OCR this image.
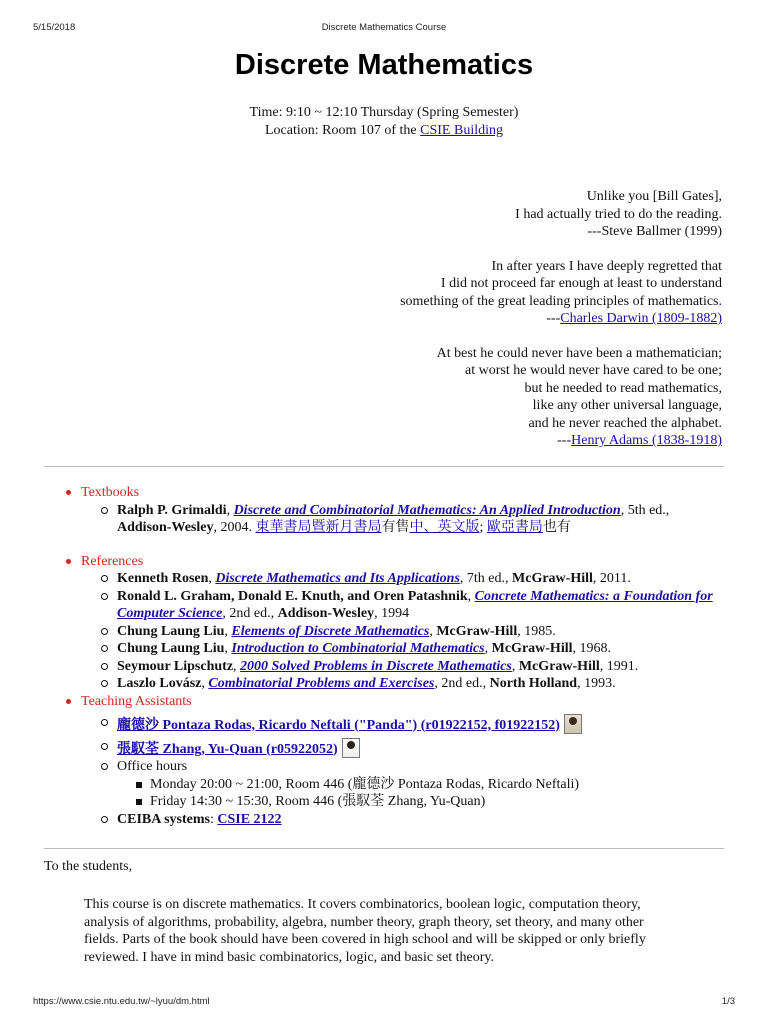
5/15/2018	Discrete Mathematics Course
Discrete Mathematics
Time: 9:10 ~ 12:10 Thursday (Spring Semester)
Location: Room 107 of the CSIE Building
Unlike you [Bill Gates],
I had actually tried to do the reading.
---Steve Ballmer (1999)
In after years I have deeply regretted that
I did not proceed far enough at least to understand
something of the great leading principles of mathematics.
---Charles Darwin (1809-1882)
At best he could never have been a mathematician;
at worst he would never have cared to be one;
but he needed to read mathematics,
like any other universal language,
and he never reached the alphabet.
---Henry Adams (1838-1918)
Textbooks
Ralph P. Grimaldi, Discrete and Combinatorial Mathematics: An Applied Introduction, 5th ed.,
Addison-Wesley, 2004. 東華書局暨新月書局有售中、英文版; 歐亞書局也有
References
Kenneth Rosen, Discrete Mathematics and Its Applications, 7th ed., McGraw-Hill, 2011.
Ronald L. Graham, Donald E. Knuth, and Oren Patashnik, Concrete Mathematics: a Foundation for Computer Science, 2nd ed., Addison-Wesley, 1994
Chung Laung Liu, Elements of Discrete Mathematics, McGraw-Hill, 1985.
Chung Laung Liu, Introduction to Combinatorial Mathematics, McGraw-Hill, 1968.
Seymour Lipschutz, 2000 Solved Problems in Discrete Mathematics, McGraw-Hill, 1991.
Laszlo Lovász, Combinatorial Problems and Exercises, 2nd ed., North Holland, 1993.
Teaching Assistants
龐德沙 Pontaza Rodas, Ricardo Neftali ("Panda") (r01922152, f01922152)
張馭荃 Zhang, Yu-Quan (r05922052)
Office hours
Monday 20:00 ~ 21:00, Room 446 (龐德沙 Pontaza Rodas, Ricardo Neftali)
Friday 14:30 ~ 15:30, Room 446 (張馭荃 Zhang, Yu-Quan)
CEIBA systems: CSIE 2122
To the students,
This course is on discrete mathematics. It covers combinatorics, boolean logic, computation theory,
analysis of algorithms, probability, algebra, number theory, graph theory, set theory, and many other
fields. Parts of the book should have been covered in high school and will be skipped or only briefly
reviewed. I have in mind basic combinatorics, logic, and basic set theory.
https://www.csie.ntu.edu.tw/~lyuu/dm.html	1/3
